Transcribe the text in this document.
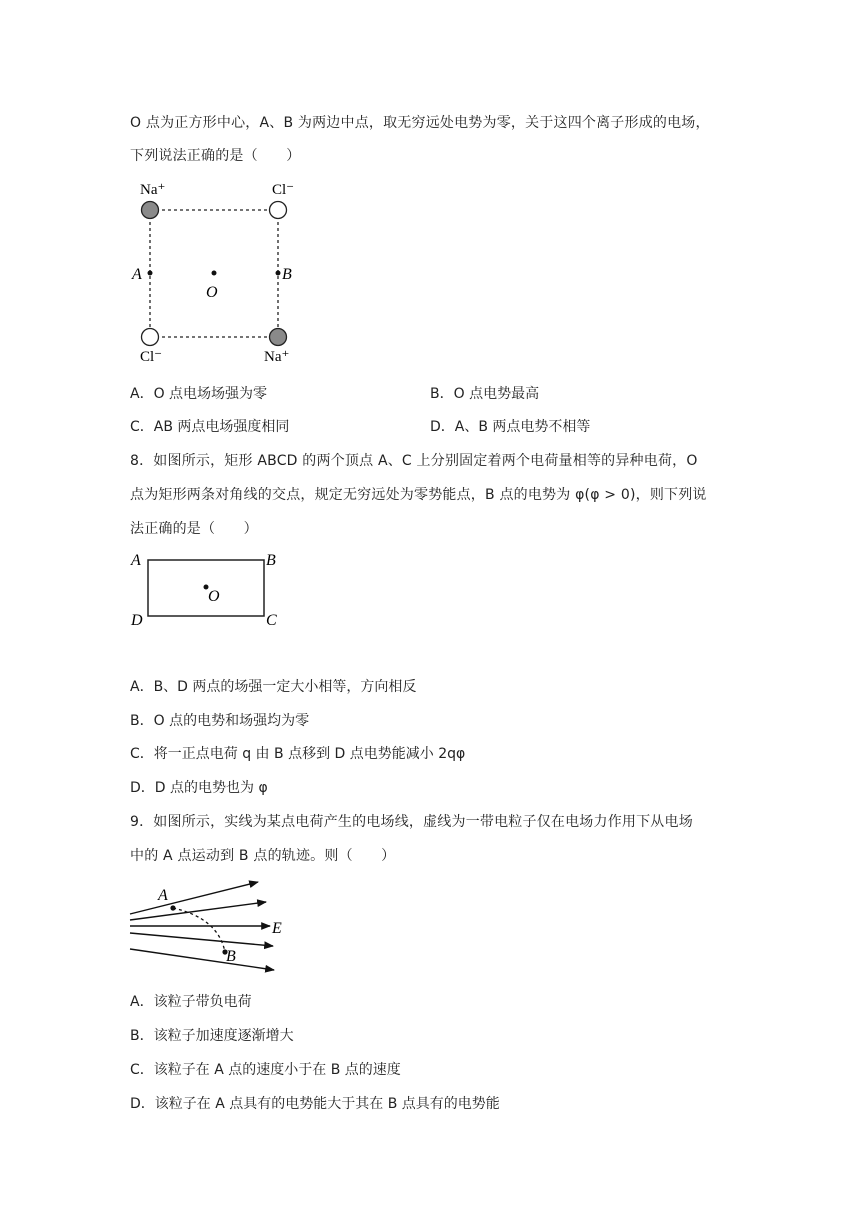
O 点为正方形中心，A、B 为两边中点，取无穷远处电势为零，关于这四个离子形成的电场，
下列说法正确的是（　　）
Na⁺	Cl⁻
Cl⁻	Na⁺
A	B
O
A．O 点电场场强为零	B．O 点电势最高
C．AB 两点电场强度相同	D．A、B 两点电势不相等
8．如图所示，矩形 ABCD 的两个顶点 A、C 上分别固定着两个电荷量相等的异种电荷，O
点为矩形两条对角线的交点，规定无穷远处为零势能点，B 点的电势为 φ(φ > 0)，则下列说
法正确的是（　　）
A	B
C
D
O
A．B、D 两点的场强一定大小相等，方向相反
B．O 点的电势和场强均为零
C．将一正点电荷 q 由 B 点移到 D 点电势能减小 2qφ
D．D 点的电势也为 φ
9．如图所示，实线为某点电荷产生的电场线，虚线为一带电粒子仅在电场力作用下从电场
中的 A 点运动到 B 点的轨迹。则（　　）
A
B
E
A．该粒子带负电荷
B．该粒子加速度逐渐增大
C．该粒子在 A 点的速度小于在 B 点的速度
D．该粒子在 A 点具有的电势能大于其在 B 点具有的电势能
